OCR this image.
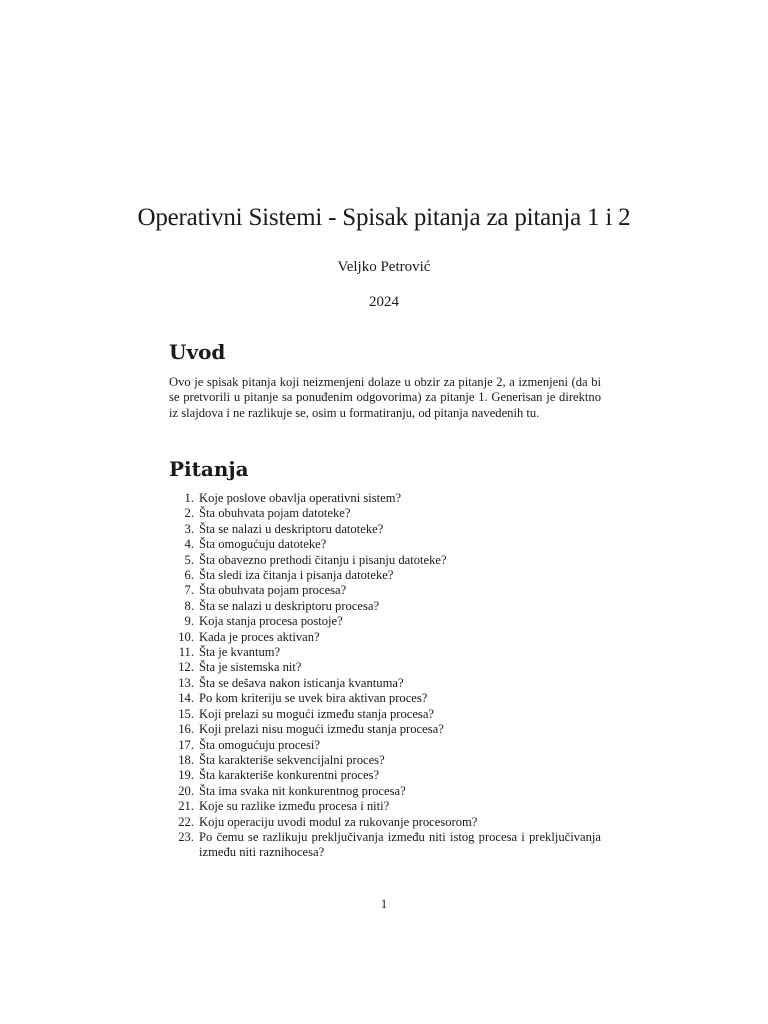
Operativni Sistemi - Spisak pitanja za pitanja 1 i 2
Veljko Petrović
2024
Uvod

Ovo je spisak pitanja koji neizmenjeni dolaze u obzir za pitanje 2, a izmenjeni (da bi se pretvorili u pitanje sa ponuđenim odgovorima) za pitanje 1. Generisan je direktno iz slajdova i ne razlikuje se, osim u formatiranju, od pitanja navedenih tu.

Pitanja
1. Koje poslove obavlja operativni sistem?
2. Šta obuhvata pojam datoteke?
3. Šta se nalazi u deskriptoru datoteke?
4. Šta omogućuju datoteke?
5. Šta obavezno prethodi čitanju i pisanju datoteke?
6. Šta sledi iza čitanja i pisanja datoteke?
7. Šta obuhvata pojam procesa?
8. Šta se nalazi u deskriptoru procesa?
9. Koja stanja procesa postoje?
10. Kada je proces aktivan?
11. Šta je kvantum?
12. Šta je sistemska nit?
13. Šta se dešava nakon isticanja kvantuma?
14. Po kom kriteriju se uvek bira aktivan proces?
15. Koji prelazi su mogući između stanja procesa?
16. Koji prelazi nisu mogući između stanja procesa?
17. Šta omogućuju procesi?
18. Šta karakteriše sekvencijalni proces?
19. Šta karakteriše konkurentni proces?
20. Šta ima svaka nit konkurentnog procesa?
21. Koje su razlike između procesa i niti?
22. Koju operaciju uvodi modul za rukovanje procesorom?
23. Po čemu se razlikuju preključivanja između niti istog procesa i preključivanja između niti raznihocesa?
1
